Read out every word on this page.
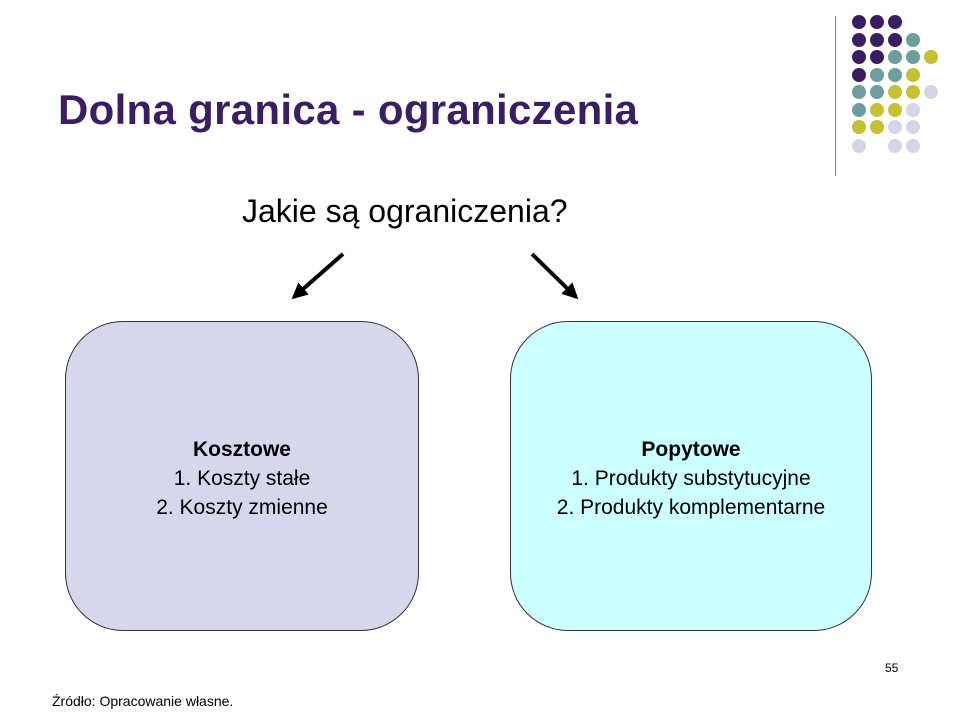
Dolna granica - ograniczenia
Jakie są ograniczenia?
Kosztowe
1. Koszty stałe
2. Koszty zmienne
Popytowe
1. Produkty substytucyjne
2. Produkty komplementarne
55
Źródło: Opracowanie własne.
